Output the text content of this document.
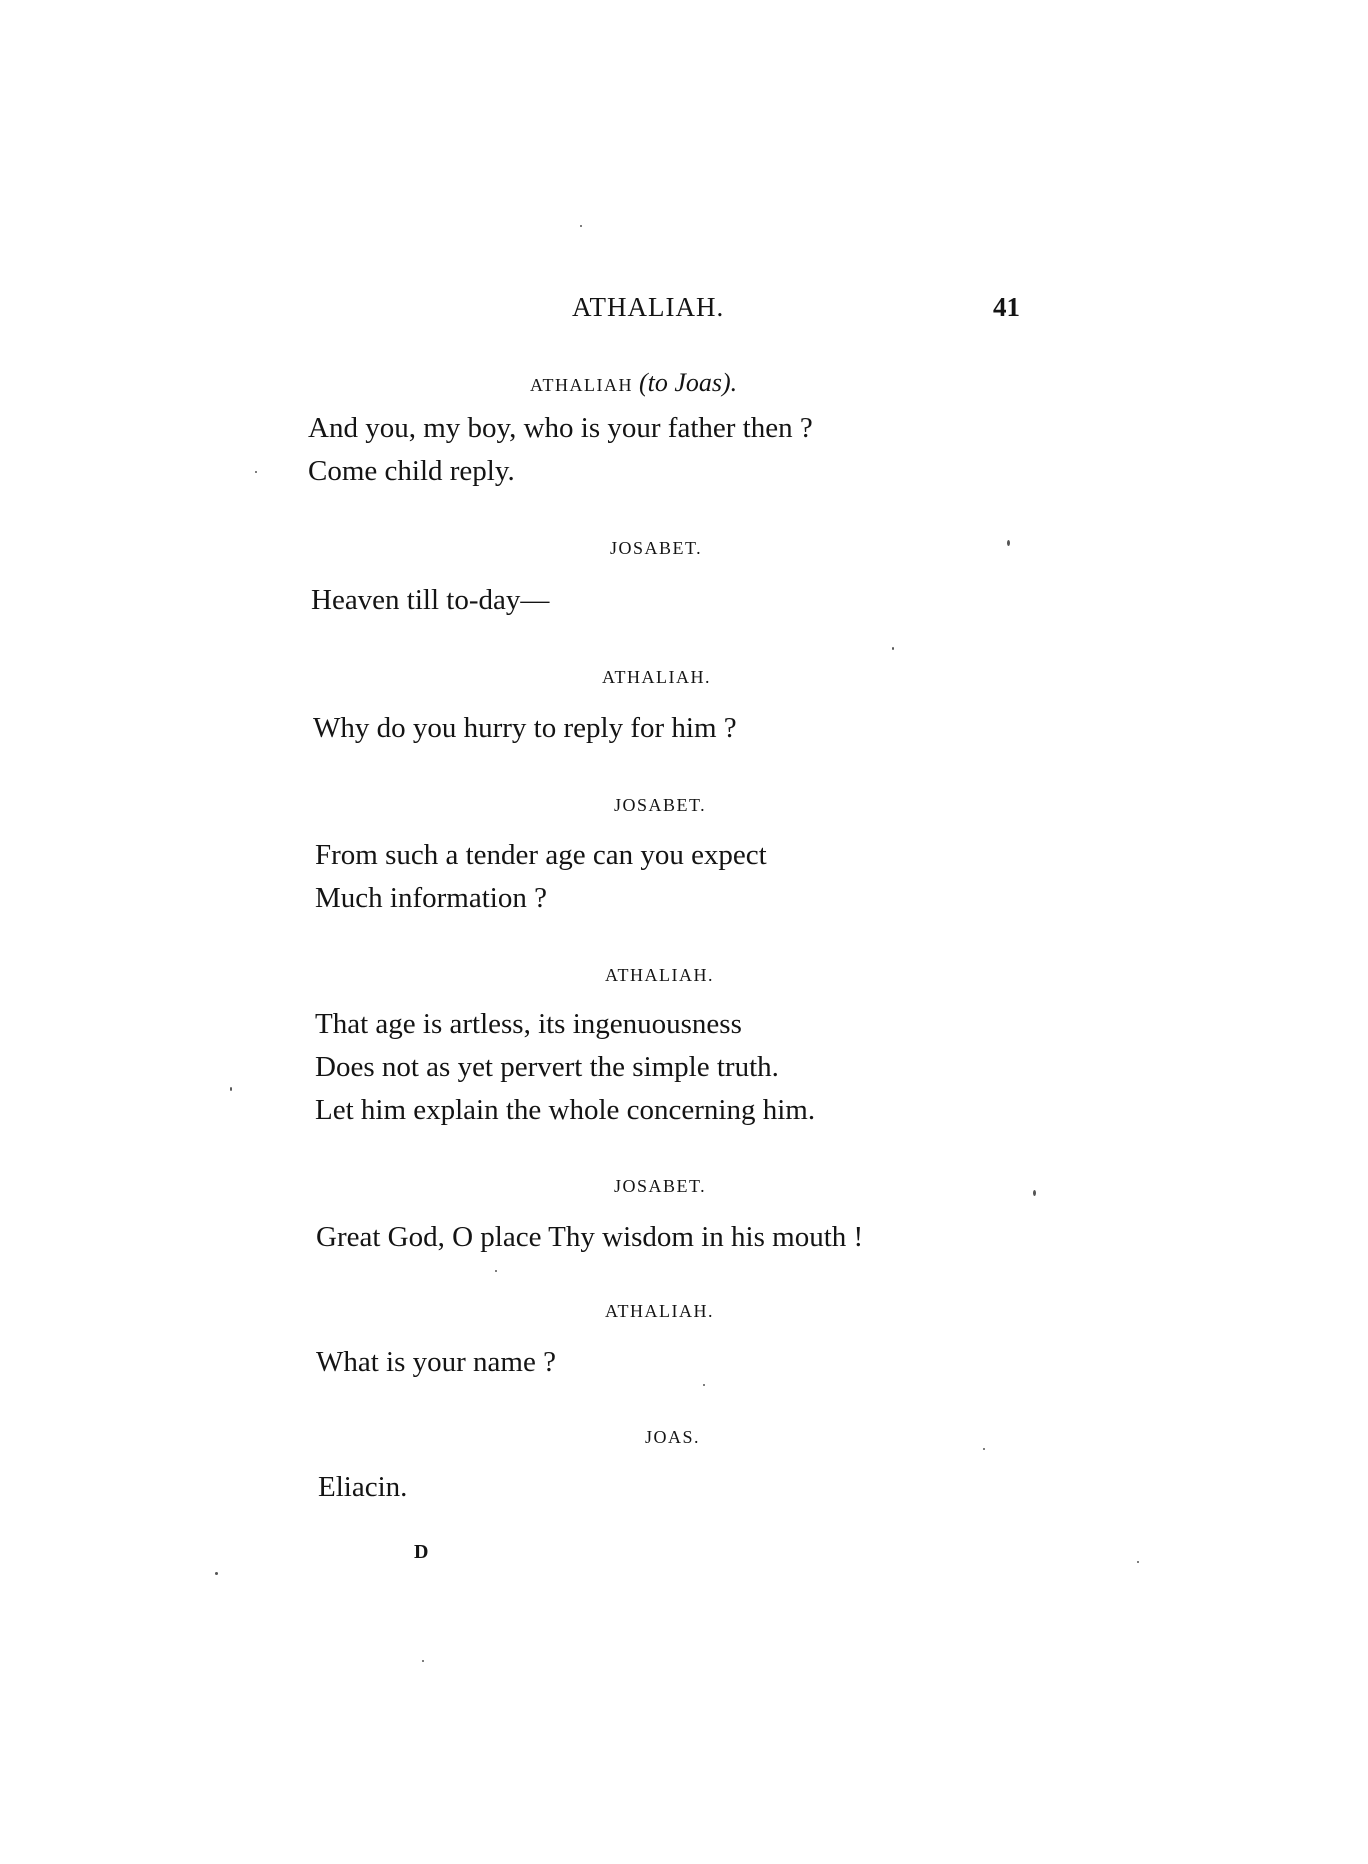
ATHALIAH.	41
ATHALIAH (to Joas).
And you, my boy, who is your father then ?
Come child reply.
JOSABET.
Heaven till to-day—
ATHALIAH.
Why do you hurry to reply for him ?
JOSABET.
From such a tender age can you expect
Much information ?
ATHALIAH.
That age is artless, its ingenuousness
Does not as yet pervert the simple truth.
Let him explain the whole concerning him.
JOSABET.
Great God, O place Thy wisdom in his mouth !
ATHALIAH.
What is your name ?
JOAS.
Eliacin.
D
